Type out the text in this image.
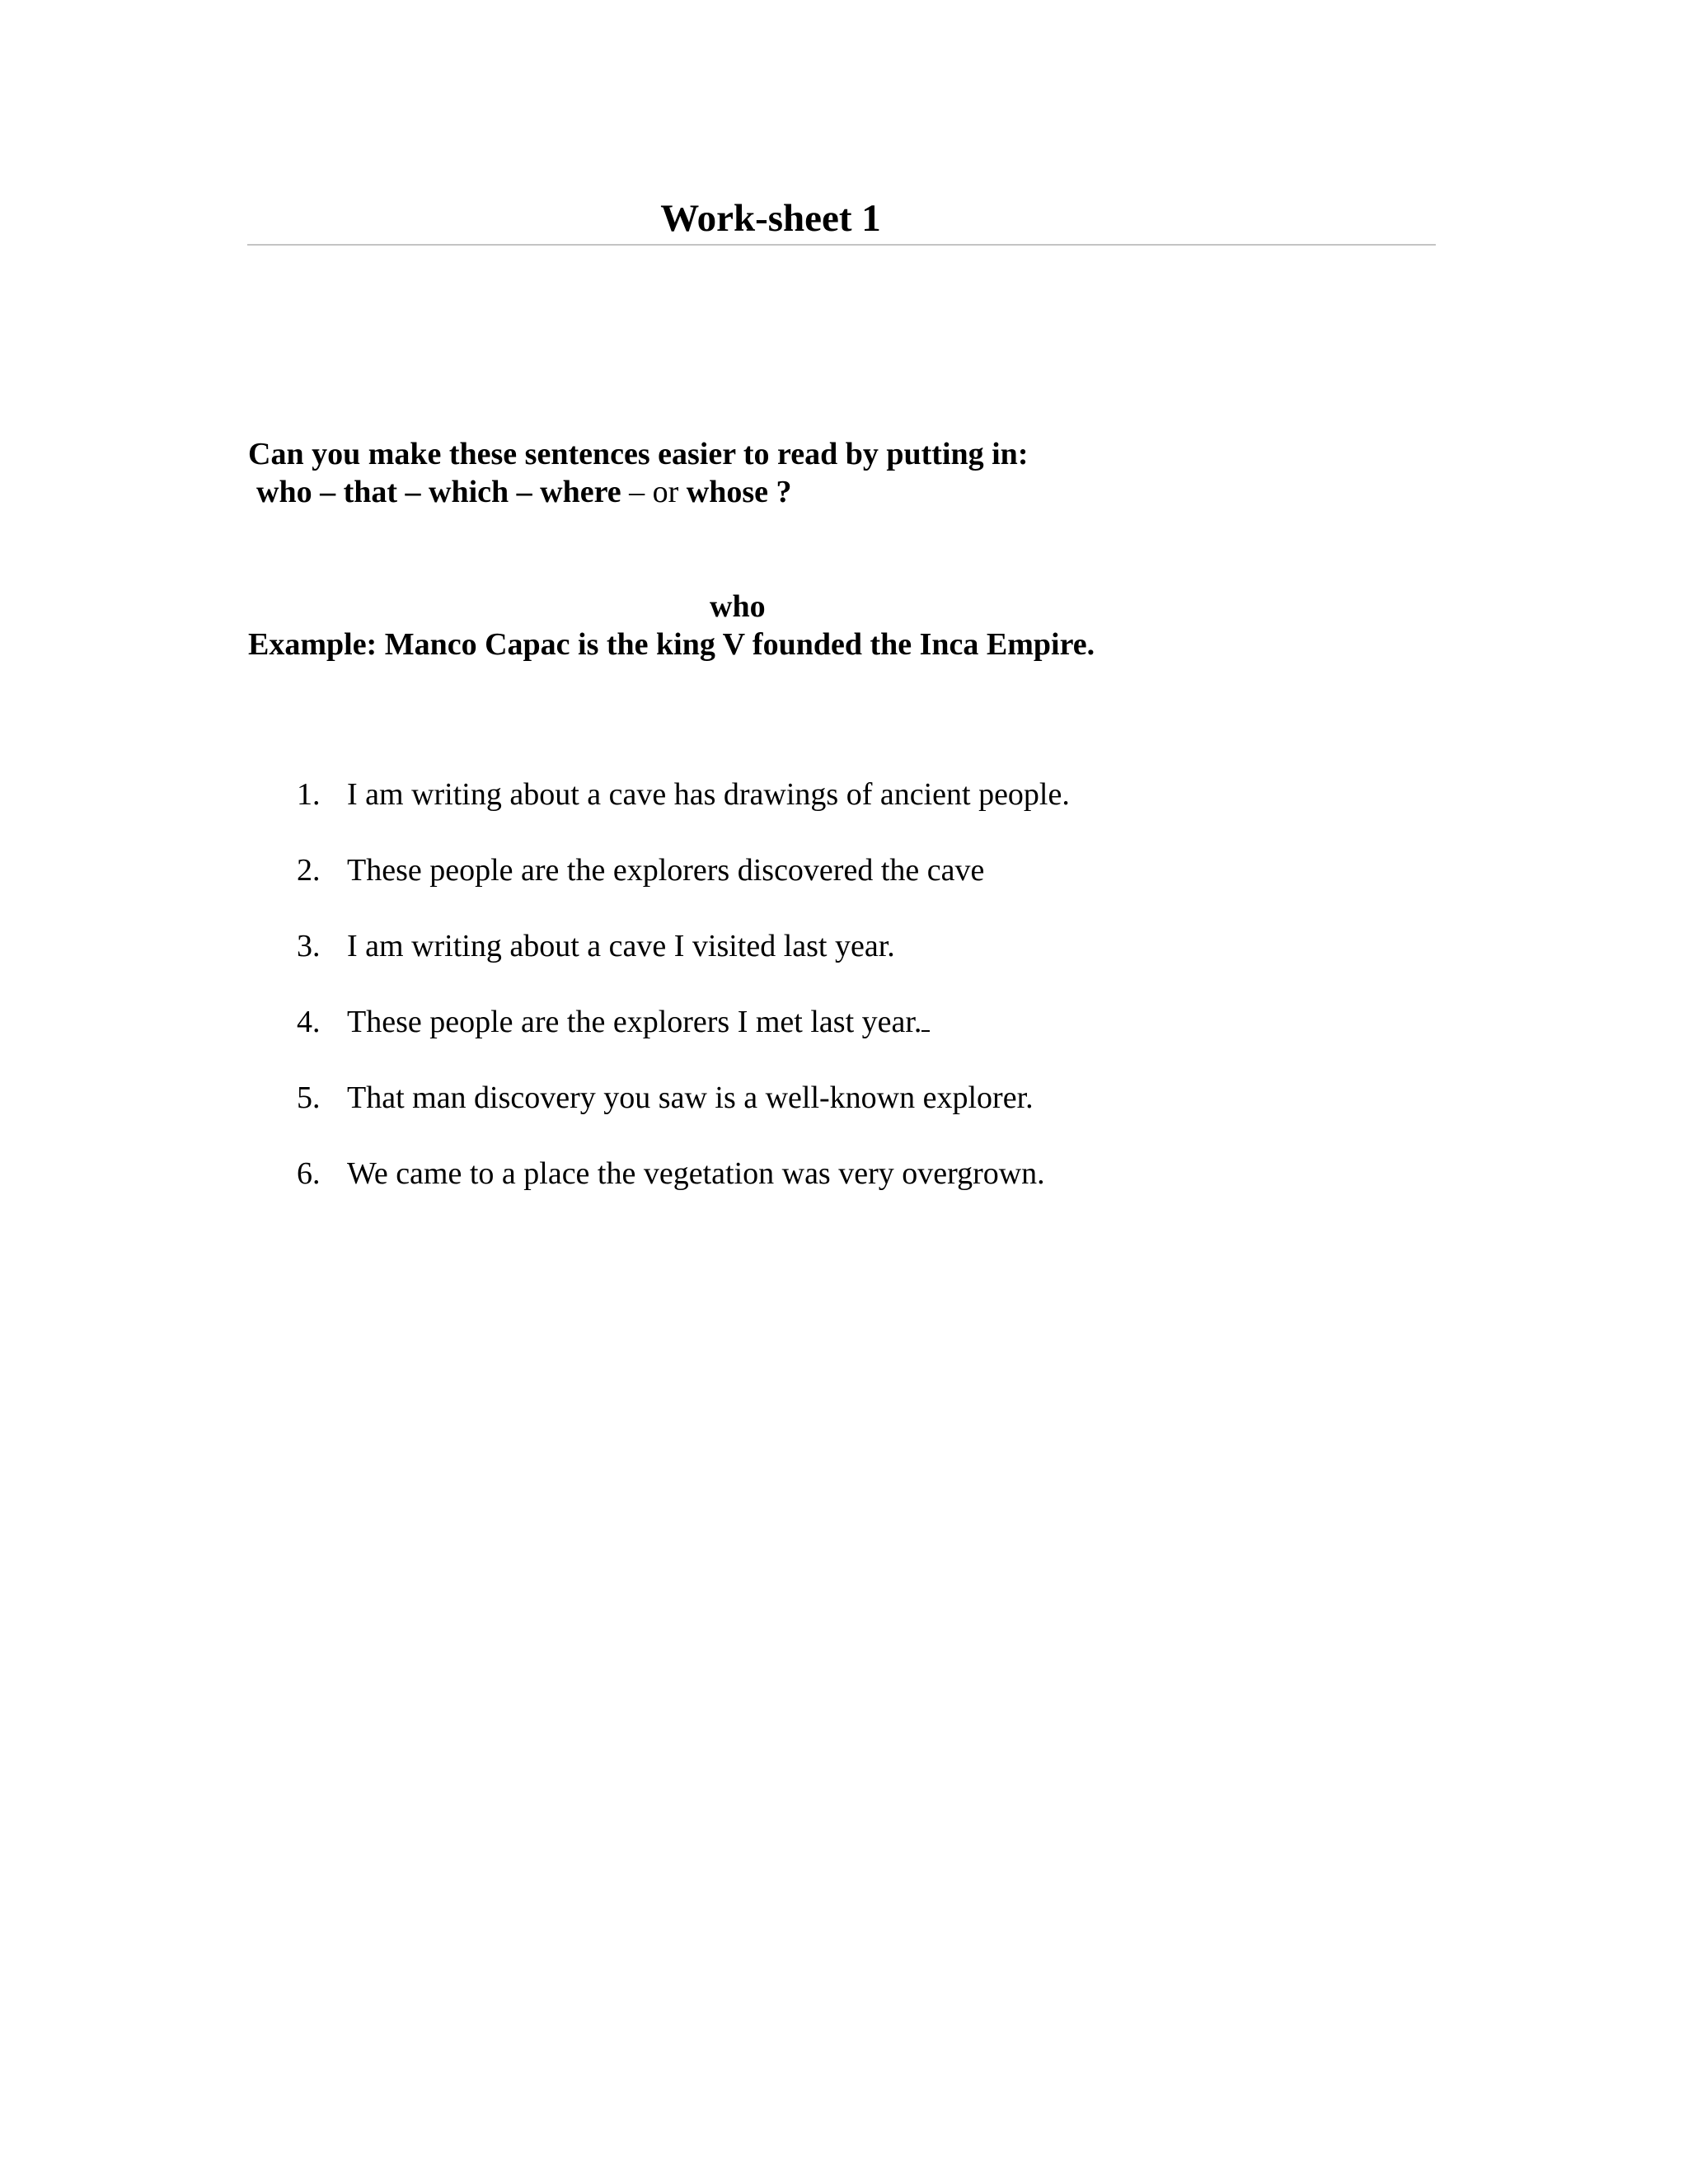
Work-sheet 1

Can you make these sentences easier to read by putting in:
who – that – which – where – or whose ?

who

Example: Manco Capac is the king V founded the Inca Empire.

1. I am writing about a cave has drawings of ancient people.
2. These people are the explorers discovered the cave
3. I am writing about a cave I visited last year.
4. These people are the explorers I met last year.
5. That man discovery you saw is a well-known explorer.
6. We came to a place the vegetation was very overgrown.
